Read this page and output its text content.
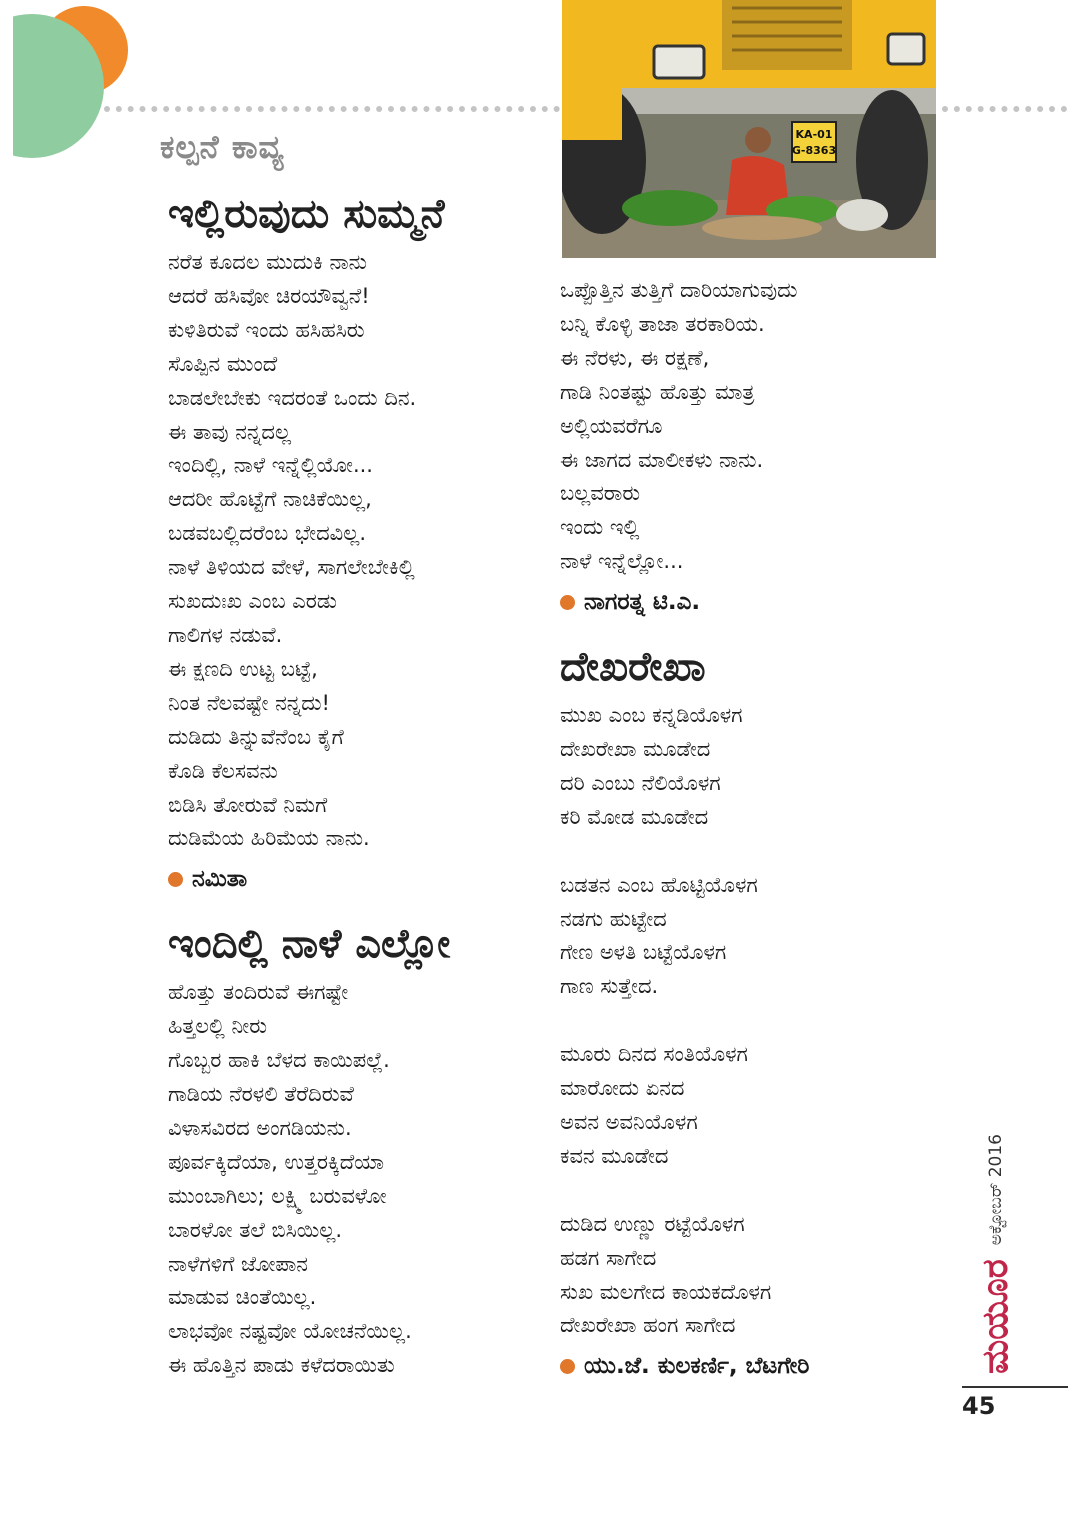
ಕಲ್ಪನೆ ಕಾವ್ಯ	KA-01
G-8363
ಇಲ್ಲಿರುವುದು ಸುಮ್ಮನೆ
ನರೆತ ಕೂದಲ ಮುದುಕಿ ನಾನು
ಆದರೆ ಹಸಿವೋ ಚಿರಯೌವ್ವನೆ!
ಕುಳಿತಿರುವೆ ಇಂದು ಹಸಿಹಸಿರು
ಸೊಪ್ಪಿನ ಮುಂದೆ
ಬಾಡಲೇಬೇಕು ಇದರಂತೆ ಒಂದು ದಿನ.
ಈ ತಾವು ನನ್ನದಲ್ಲ
ಇಂದಿಲ್ಲಿ, ನಾಳೆ ಇನ್ನೆಲ್ಲಿಯೋ...
ಆದರೀ ಹೊಟ್ಟೆಗೆ ನಾಚಿಕೆಯಿಲ್ಲ,
ಬಡವಬಲ್ಲಿದರೆಂಬ ಭೇದವಿಲ್ಲ.
ನಾಳೆ ತಿಳಿಯದ ವೇಳೆ, ಸಾಗಲೇಬೇಕಿಲ್ಲಿ
ಸುಖದುಃಖ ಎಂಬ ಎರಡು
ಗಾಲಿಗಳ ನಡುವೆ.
ಈ ಕ್ಷಣದಿ ಉಟ್ಟ ಬಟ್ಟೆ,
ನಿಂತ ನೆಲವಷ್ಟೇ ನನ್ನದು!
ದುಡಿದು ತಿನ್ನುವೆನೆಂಬ ಕೈಗೆ
ಕೊಡಿ ಕೆಲಸವನು
ಬಿಡಿಸಿ ತೋರುವೆ ನಿಮಗೆ
ದುಡಿಮೆಯ ಹಿರಿಮೆಯ ನಾನು.
ನಮಿತಾ
ಇಂದಿಲ್ಲಿ ನಾಳೆ ಎಲ್ಲೋ
ಹೊತ್ತು ತಂದಿರುವೆ ಈಗಷ್ಟೇ
ಹಿತ್ತಲಲ್ಲಿ ನೀರು
ಗೊಬ್ಬರ ಹಾಕಿ ಬೆಳದ ಕಾಯಿಪಲ್ಲೆ.
ಗಾಡಿಯ ನೆರಳಲಿ ತೆರೆದಿರುವೆ
ವಿಳಾಸವಿರದ ಅಂಗಡಿಯನು.
ಪೂರ್ವಕ್ಕಿದೆಯಾ, ಉತ್ತರಕ್ಕಿದೆಯಾ
ಮುಂಬಾಗಿಲು; ಲಕ್ಷ್ಮಿ ಬರುವಳೋ
ಬಾರಳೋ ತಲೆ ಬಿಸಿಯಿಲ್ಲ.
ನಾಳೆಗಳಿಗೆ ಜೋಪಾನ
ಮಾಡುವ ಚಿಂತೆಯಿಲ್ಲ.
ಲಾಭವೋ ನಷ್ಟವೋ ಯೋಚನೆಯಿಲ್ಲ.
ಈ ಹೊತ್ತಿನ ಪಾಡು ಕಳೆದರಾಯಿತು
ಒಪ್ಪೊತ್ತಿನ ತುತ್ತಿಗೆ ದಾರಿಯಾಗುವುದು
ಬನ್ನಿ ಕೊಳ್ಳಿ ತಾಜಾ ತರಕಾರಿಯ.
ಈ ನೆರಳು, ಈ ರಕ್ಷಣೆ,
ಗಾಡಿ ನಿಂತಷ್ಟು ಹೊತ್ತು ಮಾತ್ರ
ಅಲ್ಲಿಯವರೆಗೂ
ಈ ಜಾಗದ ಮಾಲೀಕಳು ನಾನು.
ಬಲ್ಲವರಾರು
ಇಂದು ಇಲ್ಲಿ
ನಾಳೆ ಇನ್ನೆಲ್ಲೋ...
ನಾಗರತ್ನ ಟಿ.ಎ.
ದೇಖರೇಖಾ
ಮುಖ ಎಂಬ ಕನ್ನಡಿಯೊಳಗ
ದೇಖರೇಖಾ ಮೂಡೇದ
ದರಿ ಎಂಬು ನೆಲಿಯೊಳಗ
ಕರಿ ಮೋಡ ಮೂಡೇದ
ಬಡತನ ಎಂಬ ಹೊಟ್ಟಿಯೊಳಗ
ನಡಗು ಹುಟ್ಟೇದ
ಗೇಣ ಅಳತಿ ಬಟ್ಟೆಯೊಳಗ
ಗಾಣ ಸುತ್ತೇದ.
ಮೂರು ದಿನದ ಸಂತಿಯೊಳಗ
ಮಾರೋದು ಏನದ
ಅವನ ಅವನಿಯೊಳಗ
ಕವನ ಮೂಡೇದ
ದುಡಿದ ಉಣ್ಣು ರಟ್ಟೆಯೊಳಗ
ಹಡಗ ಸಾಗೇದ
ಸುಖ ಮಲಗೇದ ಕಾಯಕದೊಳಗ
ದೇಖರೇಖಾ ಹಂಗ ಸಾಗೇದ
ಯು.ಜೆ. ಕುಲಕರ್ಣಿ, ಬೆಟಗೇರಿ	ಮಯೂರ
ಅಕ್ಟೋಬರ್ 2016
45
